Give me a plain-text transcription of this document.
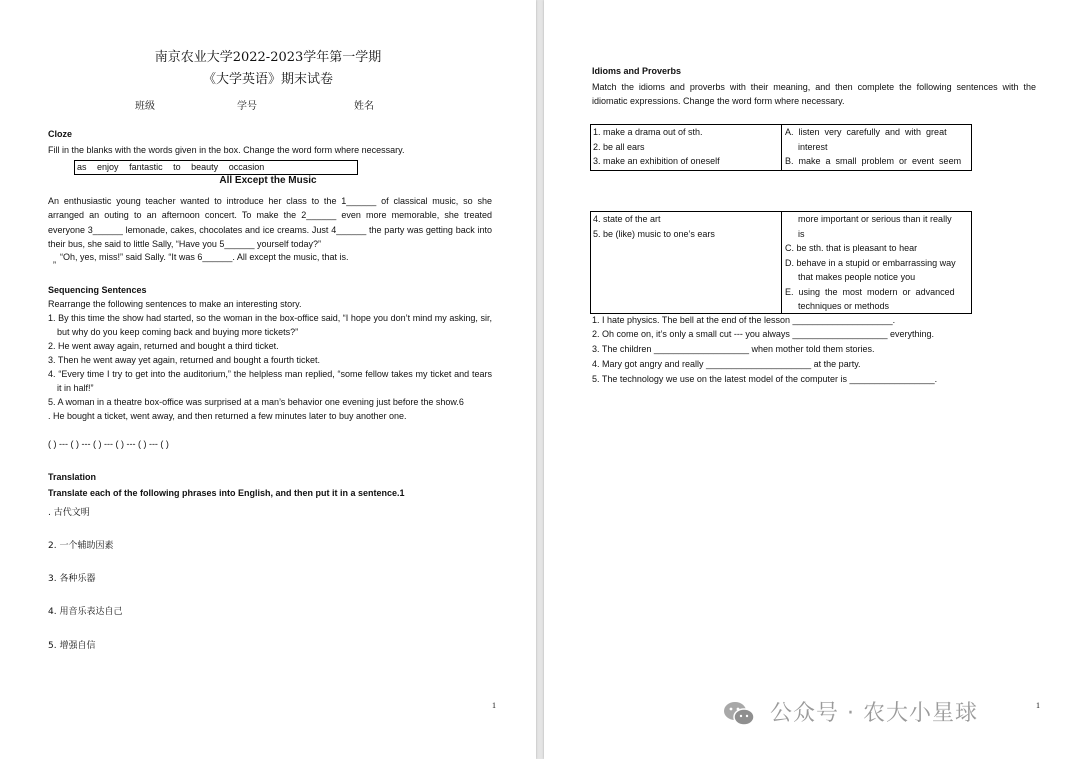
南京农业大学2022-2023学年第一学期
《大学英语》期末试卷
班级	学号	姓名
Cloze
Fill in the blanks with the words given in the box. Change the word form where necessary.
as enjoy fantastic to beauty occasion
All Except the Music
An enthusiastic young teacher wanted to introduce her class to the 1______ of classical music, so she arranged an outing to an afternoon concert. To make the 2______ even more memorable, she treated everyone 3______ lemonade, cakes, chocolates and ice creams. Just 4______ the party was getting back into their bus, she said to little Sally, “Have you 5______ yourself today?”
“Oh, yes, miss!” said Sally. “It was 6______. All except the music, that is.
”
Sequencing Sentences
Rearrange the following sentences to make an interesting story.
1. By this time the show had started, so the woman in the box-office said, “I hope you don’t mind my asking, sir, but why do you keep coming back and buying more tickets?”
2. He went away again, returned and bought a third ticket.
3. Then he went away yet again, returned and bought a fourth ticket.
4. “Every time I try to get into the auditorium,” the helpless man replied, “some fellow takes my ticket and tears it in half!”
5. A woman in a theatre box-office was surprised at a man’s behavior one evening just before the show.6
. He bought a ticket, went away, and then returned a few minutes later to buy another one.
( ) --- ( ) --- ( ) --- ( ) --- ( ) --- ( )
Translation
Translate each of the following phrases into English, and then put it in a sentence.1
. 古代文明
2. 一个辅助因素
3. 各种乐器
4. 用音乐表达自己
5. 增强自信
1
Idioms and Proverbs
Match the idioms and proverbs with their meaning, and then complete the following sentences with the idiomatic expressions. Change the word form where necessary.
1. make a drama out of sth.
2. be all ears
3. make an exhibition of oneself
A.  listen  very  carefully  and  with  great
interest
B.  make  a  small  problem  or  event  seem
4. state of the art
5. be (like) music to one’s ears
more important or serious than it really
is
C. be sth. that is pleasant to hear
D. behave in a stupid or embarrassing way
that makes people notice you
E.  using  the  most  modern  or  advanced
techniques or methods
1. I hate physics. The bell at the end of the lesson ____________________.
2. Oh come on, it’s only a small cut --- you always ___________________ everything.
3. The children ___________________ when mother told them stories.
4. Mary got angry and really _____________________ at the party.
5. The technology we use on the latest model of the computer is _________________.
1
公众号 · 农大小星球
